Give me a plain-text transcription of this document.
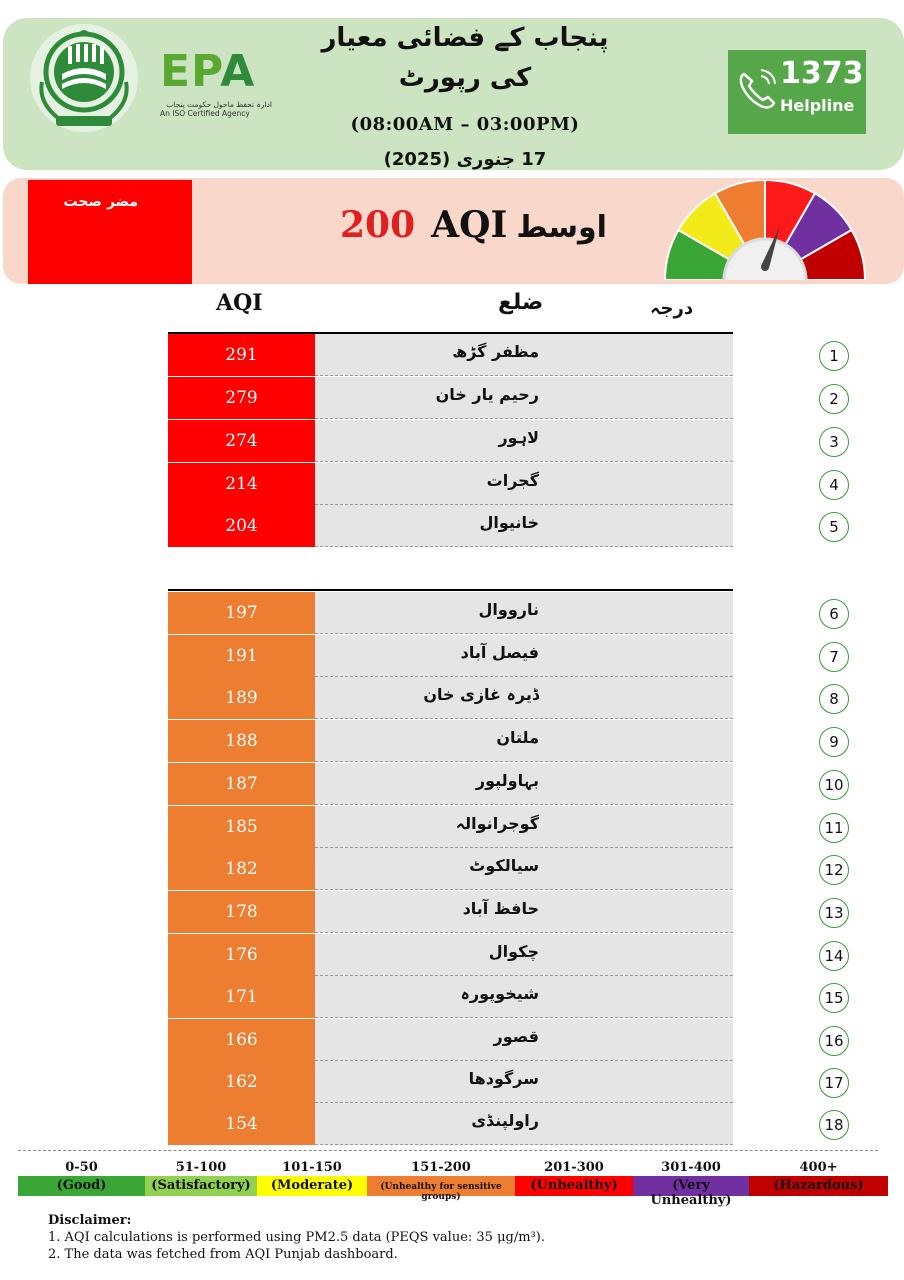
EPA
ادارہ تحفظ ماحول حکومت پنجاب
An ISO Certified Agency
پنجاب کے فضائی معیار کی رپورٹ
(08:00AM – 03:00PM)
17 جنوری (2025)
1373
Helpline
مضر صحت
200 AQI اوسط
AQI	ضلع	درجہ
291	مظفر گڑھ	1
279	رحیم یار خان	2
274	لاہور	3
214	گجرات	4
204	خانیوال	5
197	نارووال	6
191	فیصل آباد	7
189	ڈیرہ غازی خان	8
188	ملتان	9
187	بہاولپور	10
185	گوجرانوالہ	11
182	سیالکوٹ	12
178	حافظ آباد	13
176	چکوال	14
171	شیخوپورہ	15
166	قصور	16
162	سرگودھا	17
154	راولپنڈی	18
0-50
(Good)
51-100
(Satisfactory)
101-150
(Moderate)
151-200
(Unhealthy for sensitive groups)
201-300
(Unhealthy)
301-400
(Very Unhealthy)
400+
(Hazardous)
Disclaimer:
1. AQI calculations is performed using PM2.5 data (PEQS value: 35 μg/m³).
2. The data was fetched from AQI Punjab dashboard.
